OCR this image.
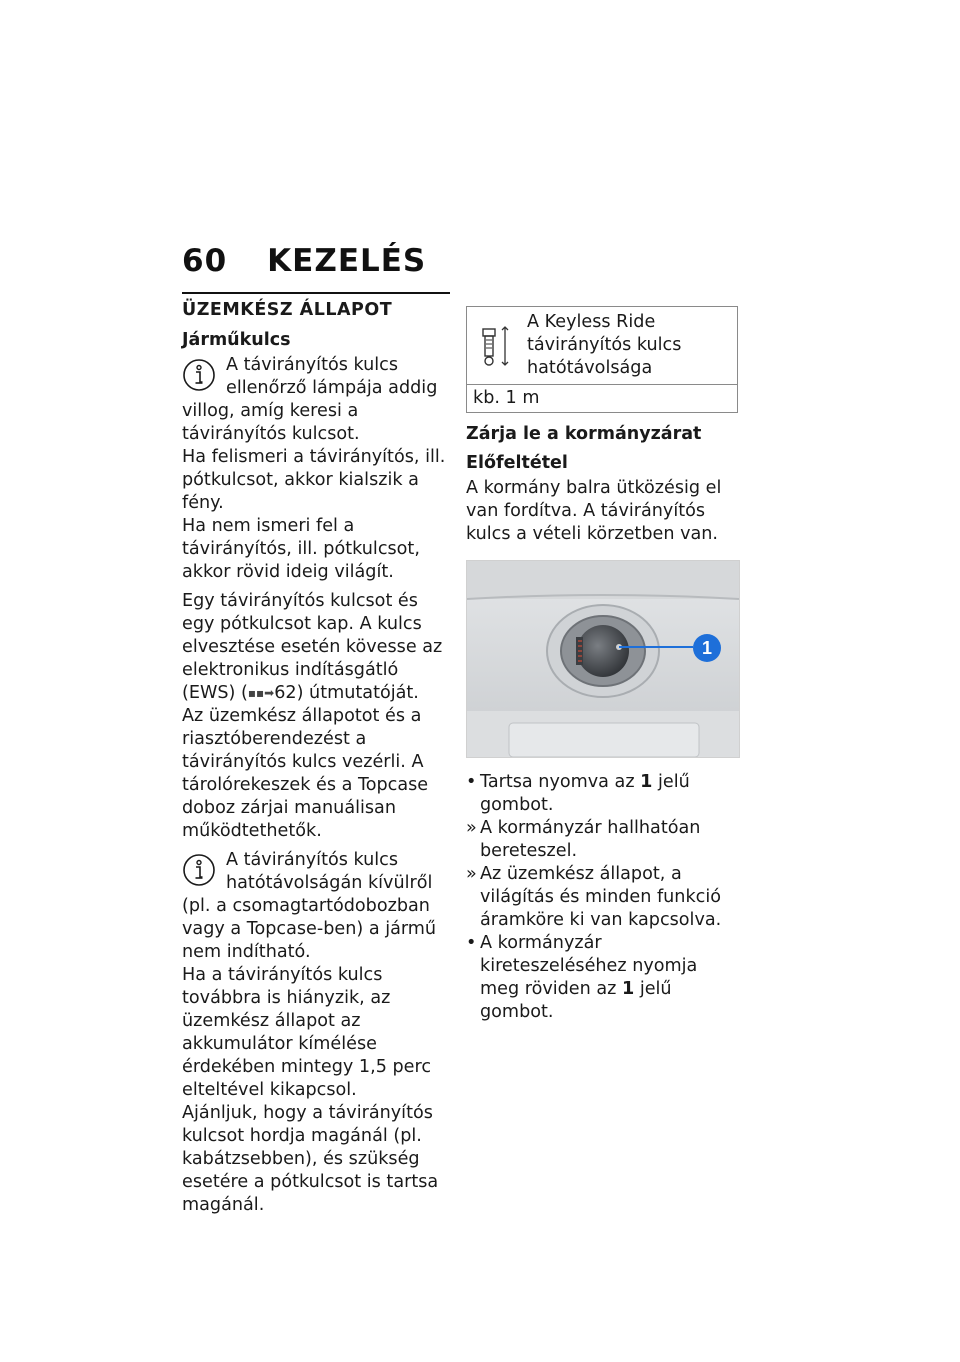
60 KEZELÉS
ÜZEMKÉSZ ÁLLAPOT
Járműkulcs

A távirányítós kulcs ellenőrző lámpája addig villog, amíg keresi a távirányítós kulcsot.

Ha felismeri a távirányítós, ill. pótkulcsot, akkor kialszik a fény.

Ha nem ismeri fel a távirányítós, ill. pótkulcsot, akkor rövid ideig világít.

Egy távirányítós kulcsot és egy pótkulcsot kap. A kulcs elvesztése esetén kövesse az elektronikus indításgátló (EWS) (▪▪➡62) útmutatóját.

Az üzemkész állapotot és a riasztóberendezést a távirányítós kulcs vezérli. A tárolórekeszek és a Topcase doboz zárjai manuálisan működtethetők.

A távirányítós kulcs hatótávolságán kívülről (pl. a csomagtartódobozban vagy a Topcase-ben) a jármű nem indítható.

Ha a távirányítós kulcs továbbra is hiányzik, az üzemkész állapot az akkumulátor kímélése érdekében mintegy 1,5 perc elteltével kikapcsol.

Ajánljuk, hogy a távirányítós kulcsot hordja magánál (pl. kabátzsebben), és szükség esetére a pótkulcsot is tartsa magánál.

A Keyless Ride távirányítós kulcs hatótávolsága
kb. 1 m
Zárja le a kormányzárat
Előfeltétel

A kormány balra ütközésig el van fordítva. A távirányítós kulcs a vételi körzetben van.

1
• Tartsa nyomva az 1 jelű gombot.
» A kormányzár hallhatóan bereteszel.
» Az üzemkész állapot, a világítás és minden funkció áramköre ki van kapcsolva.
• A kormányzár kireteszeléséhez nyomja meg röviden az 1 jelű gombot.
